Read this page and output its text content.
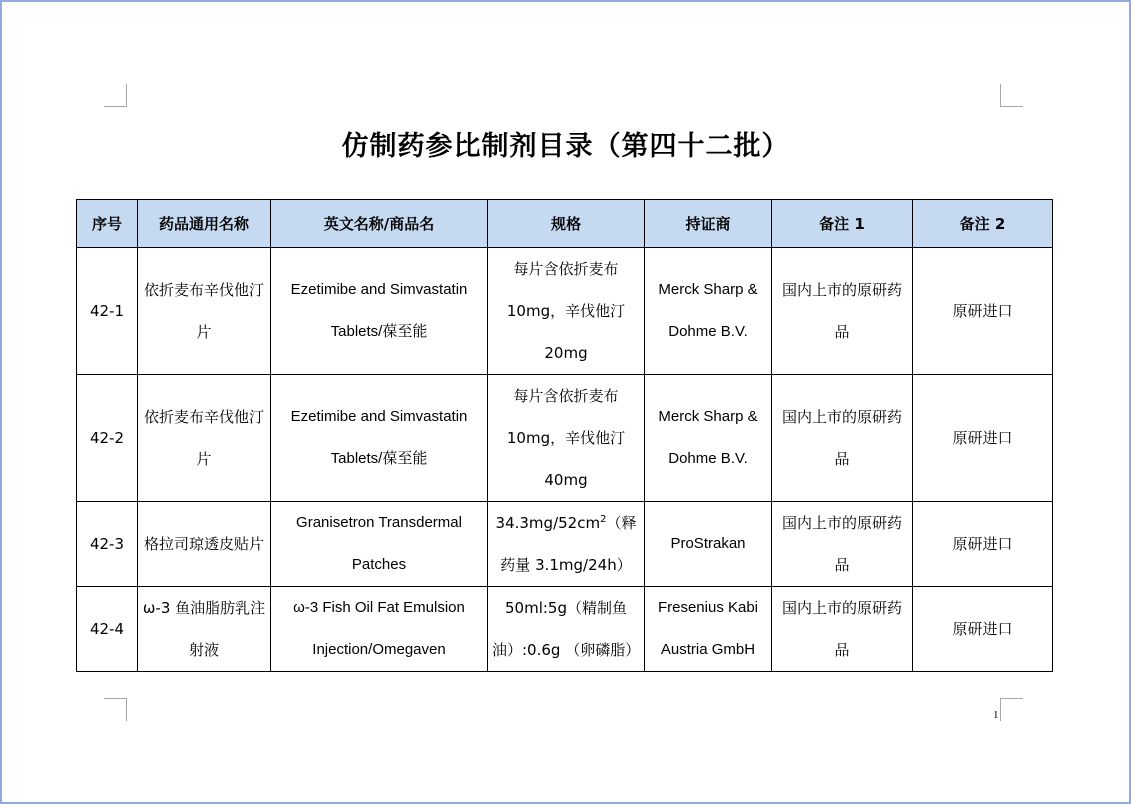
仿制药参比制剂目录（第四十二批）
序号	药品通用名称	英文名称/商品名	规格	持证商	备注 1	备注 2
42-1	依折麦布辛伐他汀片	Ezetimibe and Simvastatin Tablets/葆至能	每片含依折麦布10mg，辛伐他汀20mg	Merck Sharp & Dohme B.V.	国内上市的原研药品	原研进口
42-2	依折麦布辛伐他汀片	Ezetimibe and Simvastatin Tablets/葆至能	每片含依折麦布10mg，辛伐他汀40mg	Merck Sharp & Dohme B.V.	国内上市的原研药品	原研进口
42-3	格拉司琼透皮贴片	Granisetron Transdermal Patches	$34.3mg/52cm^2$（释药量 3.1mg/24h）	ProStrakan	国内上市的原研药品	原研进口
42-4	ω-3 鱼油脂肪乳注射液	ω-3 Fish Oil Fat Emulsion Injection/Omegaven	50ml:5g（精制鱼油）:0.6g （卵磷脂）	Fresenius Kabi Austria GmbH	国内上市的原研药品	原研进口
1
